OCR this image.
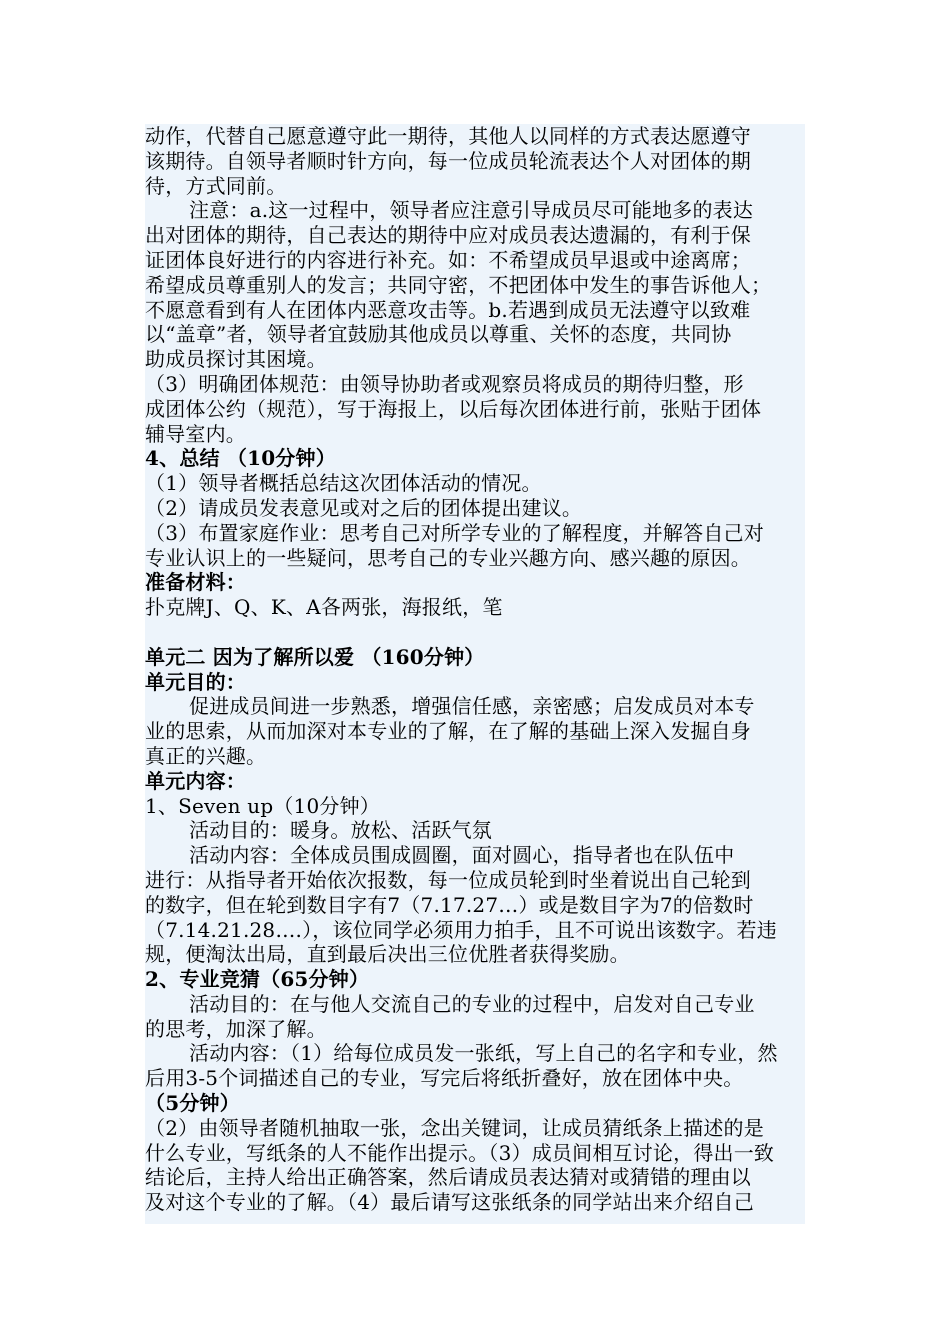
动作，代替自己愿意遵守此一期待，其他人以同样的方式表达愿遵守
该期待。自领导者顺时针方向，每一位成员轮流表达个人对团体的期
待，方式同前。
注意：a.这一过程中，领导者应注意引导成员尽可能地多的表达
出对团体的期待，自己表达的期待中应对成员表达遗漏的，有利于保
证团体良好进行的内容进行补充。如：不希望成员早退或中途离席；
希望成员尊重别人的发言；共同守密，不把团体中发生的事告诉他人；
不愿意看到有人在团体内恶意攻击等。b.若遇到成员无法遵守以致难
以“盖章”者，领导者宜鼓励其他成员以尊重、关怀的态度，共同协
助成员探讨其困境。
（3）明确团体规范：由领导协助者或观察员将成员的期待归整，形
成团体公约（规范），写于海报上，以后每次团体进行前，张贴于团体
辅导室内。
4、总结 （10分钟）
（1）领导者概括总结这次团体活动的情况。
（2）请成员发表意见或对之后的团体提出建议。
（3）布置家庭作业：思考自己对所学专业的了解程度，并解答自己对
专业认识上的一些疑问，思考自己的专业兴趣方向、感兴趣的原因。
准备材料：
扑克牌J、Q、K、A各两张，海报纸，笔
单元二 因为了解所以爱 （160分钟）
单元目的：
促进成员间进一步熟悉，增强信任感，亲密感；启发成员对本专
业的思索，从而加深对本专业的了解，在了解的基础上深入发掘自身
真正的兴趣。
单元内容：
1、Seven up（10分钟）
活动目的：暖身。放松、活跃气氛
活动内容：全体成员围成圆圈，面对圆心，指导者也在队伍中
进行：从指导者开始依次报数，每一位成员轮到时坐着说出自己轮到
的数字，但在轮到数目字有7（7.17.27…）或是数目字为7的倍数时
（7.14.21.28….），该位同学必须用力拍手，且不可说出该数字。若违
规，便淘汰出局，直到最后决出三位优胜者获得奖励。
2、专业竞猜（65分钟）
活动目的：在与他人交流自己的专业的过程中，启发对自己专业
的思考，加深了解。
活动内容：（1）给每位成员发一张纸，写上自己的名字和专业，然
后用3-5个词描述自己的专业，写完后将纸折叠好，放在团体中央。
（5分钟）
（2）由领导者随机抽取一张，念出关键词，让成员猜纸条上描述的是
什么专业，写纸条的人不能作出提示。（3）成员间相互讨论，得出一致
结论后，主持人给出正确答案，然后请成员表达猜对或猜错的理由以
及对这个专业的了解。（4）最后请写这张纸条的同学站出来介绍自己
